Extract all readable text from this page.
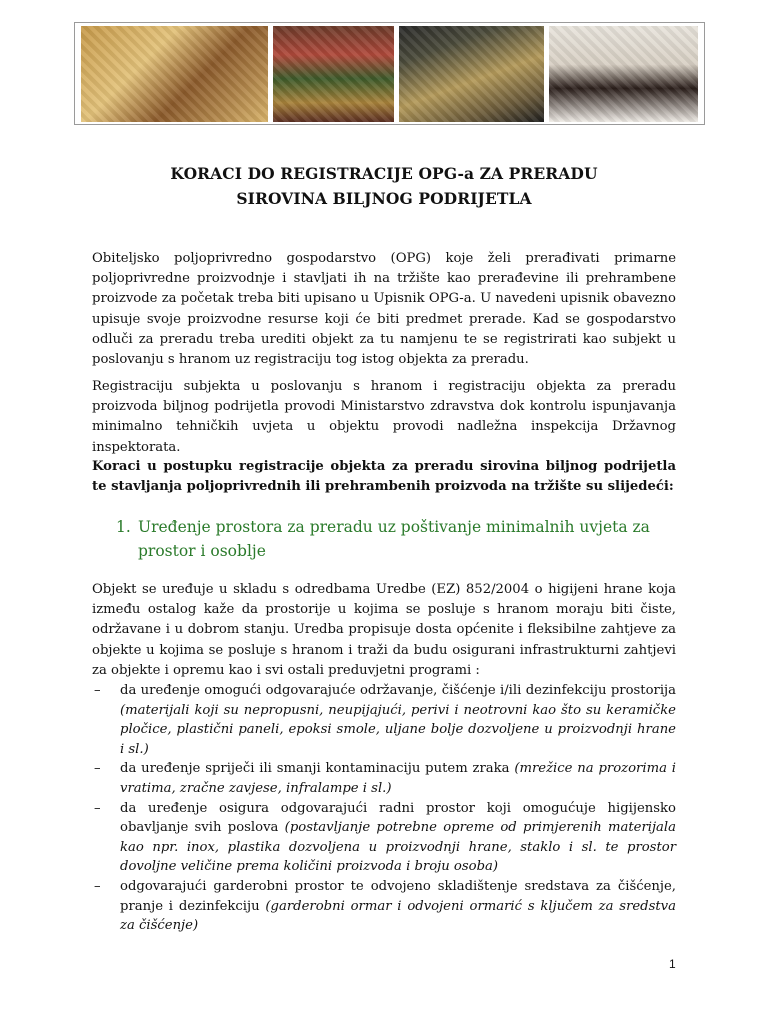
KORACI DO REGISTRACIJE OPG-a ZA PRERADU
SIROVINA BILJNOG PODRIJETLA

Obiteljsko poljoprivredno gospodarstvo (OPG) koje želi prerađivati primarne poljoprivredne proizvodnje i stavljati ih na tržište kao prerađevine ili prehrambene proizvode za početak treba biti upisano u Upisnik OPG-a. U navedeni upisnik obavezno upisuje svoje proizvodne resurse koji će biti predmet prerade. Kad se gospodarstvo odluči za preradu treba urediti objekt za tu namjenu te se registrirati kao subjekt u poslovanju s hranom uz registraciju tog istog objekta za preradu.

Registraciju subjekta u poslovanju s hranom i registraciju objekta za preradu proizvoda biljnog podrijetla provodi Ministarstvo zdravstva dok kontrolu ispunjavanja minimalno tehničkih uvjeta u objektu provodi nadležna inspekcija Državnog inspektorata.

Koraci u postupku registracije objekta za preradu sirovina biljnog podrijetla te stavljanja poljoprivrednih ili prehrambenih proizvoda na tržište su slijedeći:

1. Uređenje prostora za preradu uz poštivanje minimalnih uvjeta za prostor i osoblje

Objekt se uređuje u skladu s odredbama Uredbe (EZ) 852/2004 o higijeni hrane koja između ostalog kaže da prostorije u kojima se posluje s hranom moraju biti čiste, održavane i u dobrom stanju. Uredba propisuje dosta općenite i fleksibilne zahtjeve za objekte u kojima se posluje s hranom i traži da budu osigurani infrastrukturni zahtjevi za objekte i opremu kao i svi ostali preduvjetni programi :

–	da uređenje omogući odgovarajuće održavanje, čišćenje i/ili dezinfekciju prostorija (materijali koji su nepropusni, neupijajući, perivi i neotrovni kao što su keramičke pločice, plastični paneli, epoksi smole, uljane bolje dozvoljene u proizvodnji hrane i sl.)
–	da uređenje spriječi ili smanji kontaminaciju putem zraka (mrežice na prozorima i vratima, zračne zavjese, infralampe i sl.)
–	da uređenje osigura odgovarajući radni prostor koji omogućuje higijensko obavljanje svih poslova (postavljanje potrebne opreme od primjerenih materijala kao npr. inox, plastika dozvoljena u proizvodnji hrane, staklo i sl. te prostor dovoljne veličine prema količini proizvoda i broju osoba)
–	odgovarajući garderobni prostor te odvojeno skladištenje sredstava za čišćenje, pranje i dezinfekciju (garderobni ormar i odvojeni ormarić s ključem za sredstva za čišćenje)
1
